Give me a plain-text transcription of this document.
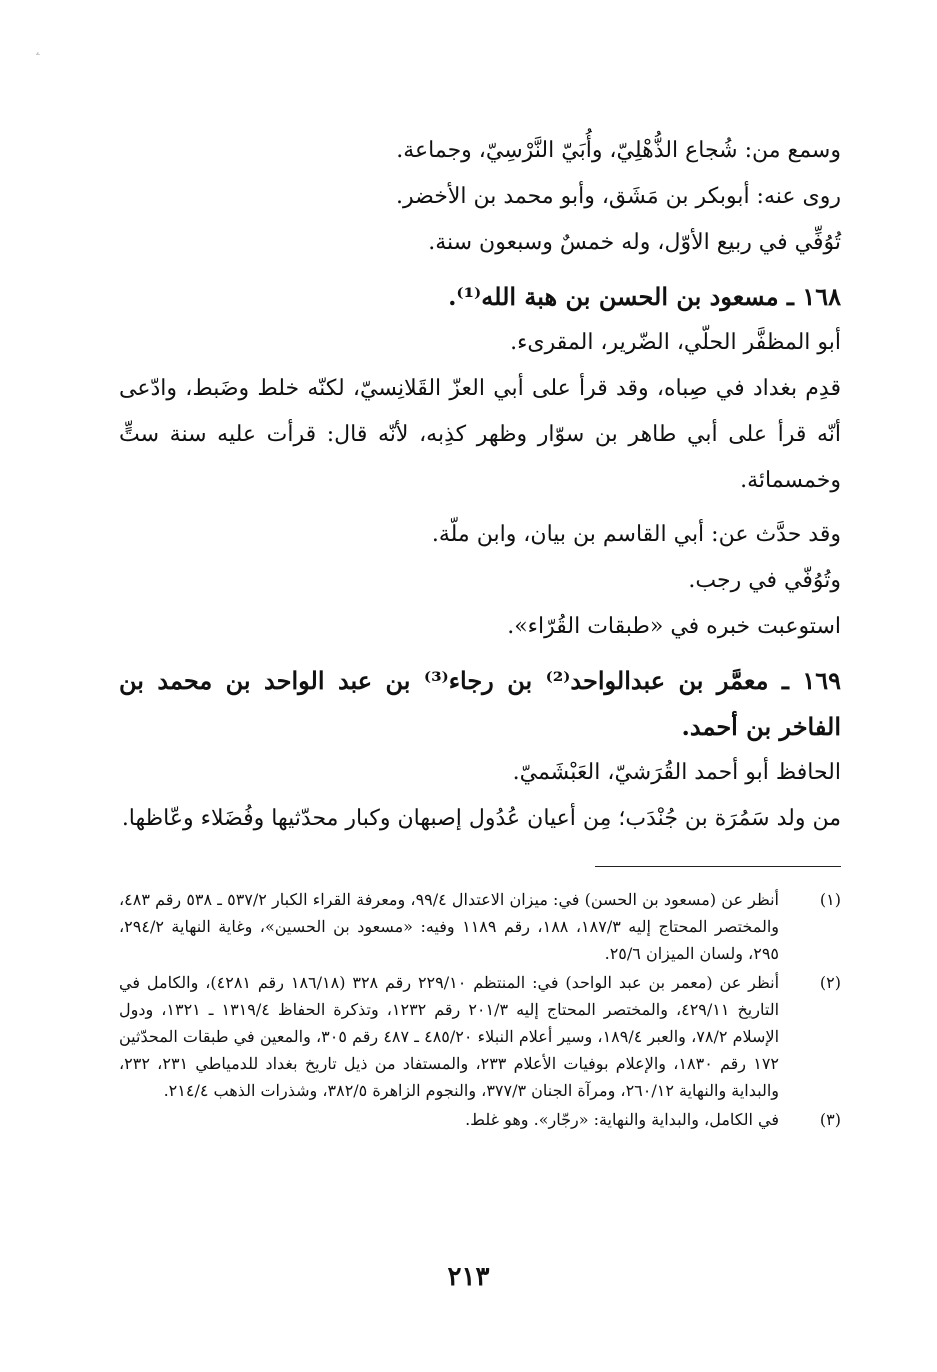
ۦ
وسمع من: شُجاع الذُّهْلِيّ، وأُبَيّ النَّرْسِيّ، وجماعة.
روى عنه: أبوبكر بن مَشَق، وأبو محمد بن الأخضر.
تُوُفِّي في ربيع الأوّل، وله خمسٌ وسبعون سنة.
١٦٨ ـ مسعود بن الحسن بن هبة الله⁽¹⁾.
أبو المظفَّر الحلّي، الضّرير، المقرىء.
قدِم بغداد في صِباه، وقد قرأ على أبي العزّ القَلانِسيّ، لكنّه خلط وضَبط، وادّعى أنّه قرأ على أبي طاهر بن سوّار وظهر كذِبه، لأنّه قال: قرأت عليه سنة ستٍّ وخمسمائة.
وقد حدَّث عن: أبي القاسم بن بيان، وابن ملّة.
وتُوُفّي في رجب.
استوعبت خبره في «طبقات القُرّاء».
١٦٩ ـ معمَّر بن عبدالواحد⁽²⁾ بن رجاء⁽³⁾ بن عبد الواحد بن محمد بن الفاخر بن أحمد.
الحافظ أبو أحمد القُرَشيّ، العَبْشَميّ.
من ولد سَمُرَة بن جُنْدَب؛ مِن أعيان عُدُول إصبهان وكبار محدّثيها وفُضَلاء وعّاظها.
(١)
أنظر عن (مسعود بن الحسن) في: ميزان الاعتدال ٩٩/٤، ومعرفة القراء الكبار ٥٣٧/٢ ـ ٥٣٨ رقم ٤٨٣، والمختصر المحتاج إليه ١٨٧/٣، ١٨٨، رقم ١١٨٩ وفيه: «مسعود بن الحسين»، وغاية النهاية ٢٩٤/٢، ٢٩٥، ولسان الميزان ٢٥/٦.
(٢)
أنظر عن (معمر بن عبد الواحد) في: المنتظم ٢٢٩/١٠ رقم ٣٢٨ (١٨٦/١٨ رقم ٤٢٨١)، والكامل في التاريخ ٤٢٩/١١، والمختصر المحتاج إليه ٢٠١/٣ رقم ١٢٣٢، وتذكرة الحفاظ ١٣١٩/٤ ـ ١٣٢١، ودول الإسلام ٧٨/٢، والعبر ١٨٩/٤، وسير أعلام النبلاء ٤٨٥/٢٠ ـ ٤٨٧ رقم ٣٠٥، والمعين في طبقات المحدّثين ١٧٢ رقم ١٨٣٠، والإعلام بوفيات الأعلام ٢٣٣، والمستفاد من ذيل تاريخ بغداد للدمياطي ٢٣١، ٢٣٢، والبداية والنهاية ٢٦٠/١٢، ومرآة الجنان ٣٧٧/٣، والنجوم الزاهرة ٣٨٢/٥، وشذرات الذهب ٢١٤/٤.
(٣)
في الكامل، والبداية والنهاية: «رجّار». وهو غلط.
٢١٣
